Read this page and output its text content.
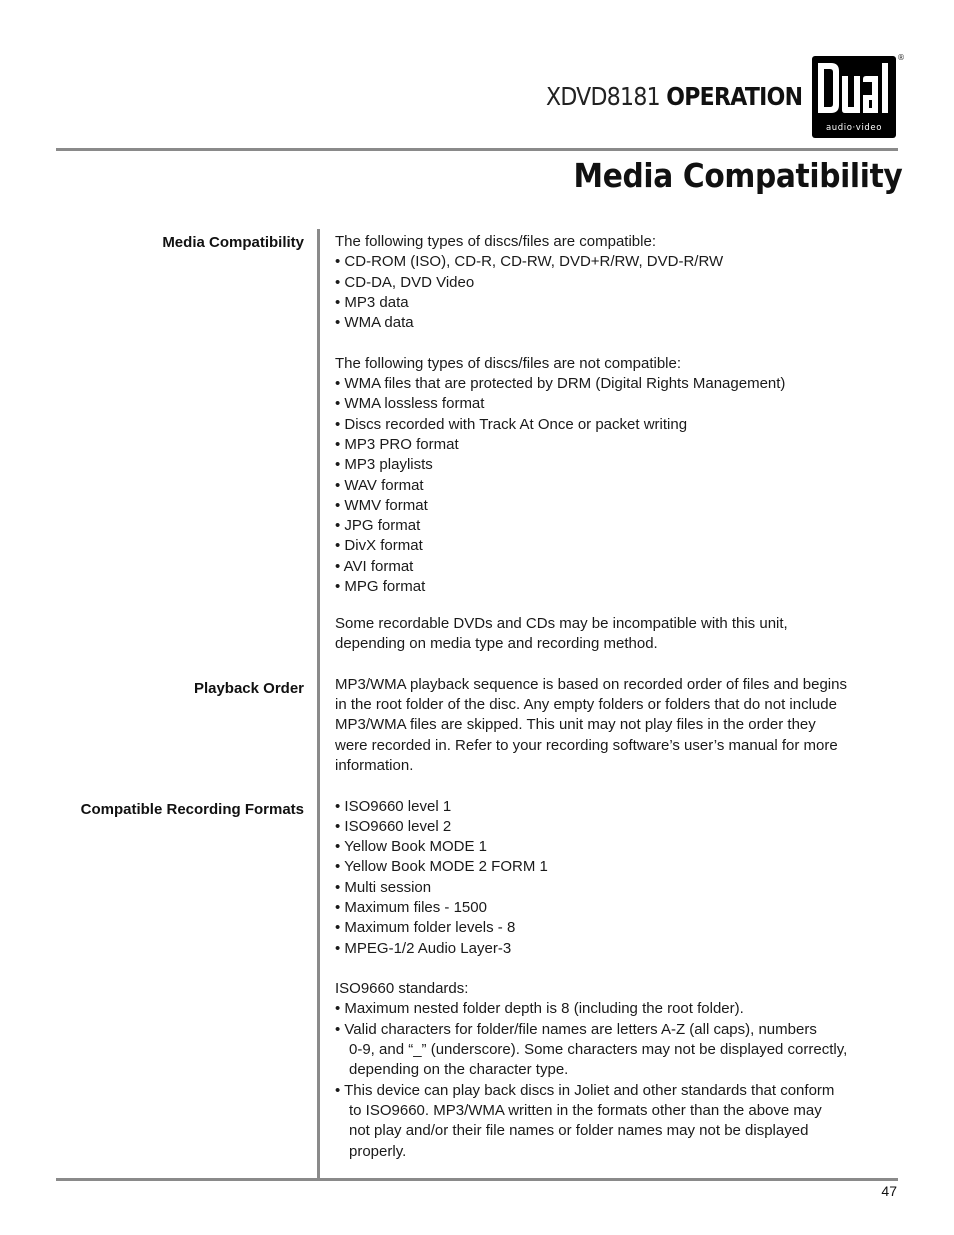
XDVD8181 OPERATION
audio·video
®
Media Compatibility
Media Compatibility
Playback Order
Compatible Recording Formats
The following types of discs/files are compatible:
• CD-ROM (ISO), CD-R, CD-RW, DVD+R/RW, DVD-R/RW
• CD-DA, DVD Video
• MP3 data
• WMA data
The following types of discs/files are not compatible:
• WMA files that are protected by DRM (Digital Rights Management)
• WMA lossless format
• Discs recorded with Track At Once or packet writing
• MP3 PRO format
• MP3 playlists
• WAV format
• WMV format
• JPG format
• DivX format
• AVI format
• MPG format
Some recordable DVDs and CDs may be incompatible with this unit,
depending on media type and recording method.
MP3/WMA playback sequence is based on recorded order of files and begins
in the root folder of the disc. Any empty folders or folders that do not include
MP3/WMA files are skipped. This unit may not play files in the order they
were recorded in. Refer to your recording software’s user’s manual for more
information.
• ISO9660 level 1
• ISO9660 level 2
• Yellow Book MODE 1
• Yellow Book MODE 2 FORM 1
• Multi session
• Maximum files - 1500
• Maximum folder levels - 8
• MPEG-1/2 Audio Layer-3
ISO9660 standards:
• Maximum nested folder depth is 8 (including the root folder).
• Valid characters for folder/file names are letters A-Z (all caps), numbers
0-9, and “_” (underscore). Some characters may not be displayed correctly,
depending on the character type.
• This device can play back discs in Joliet and other standards that conform
to ISO9660. MP3/WMA written in the formats other than the above may
not play and/or their file names or folder names may not be displayed
properly.
47
